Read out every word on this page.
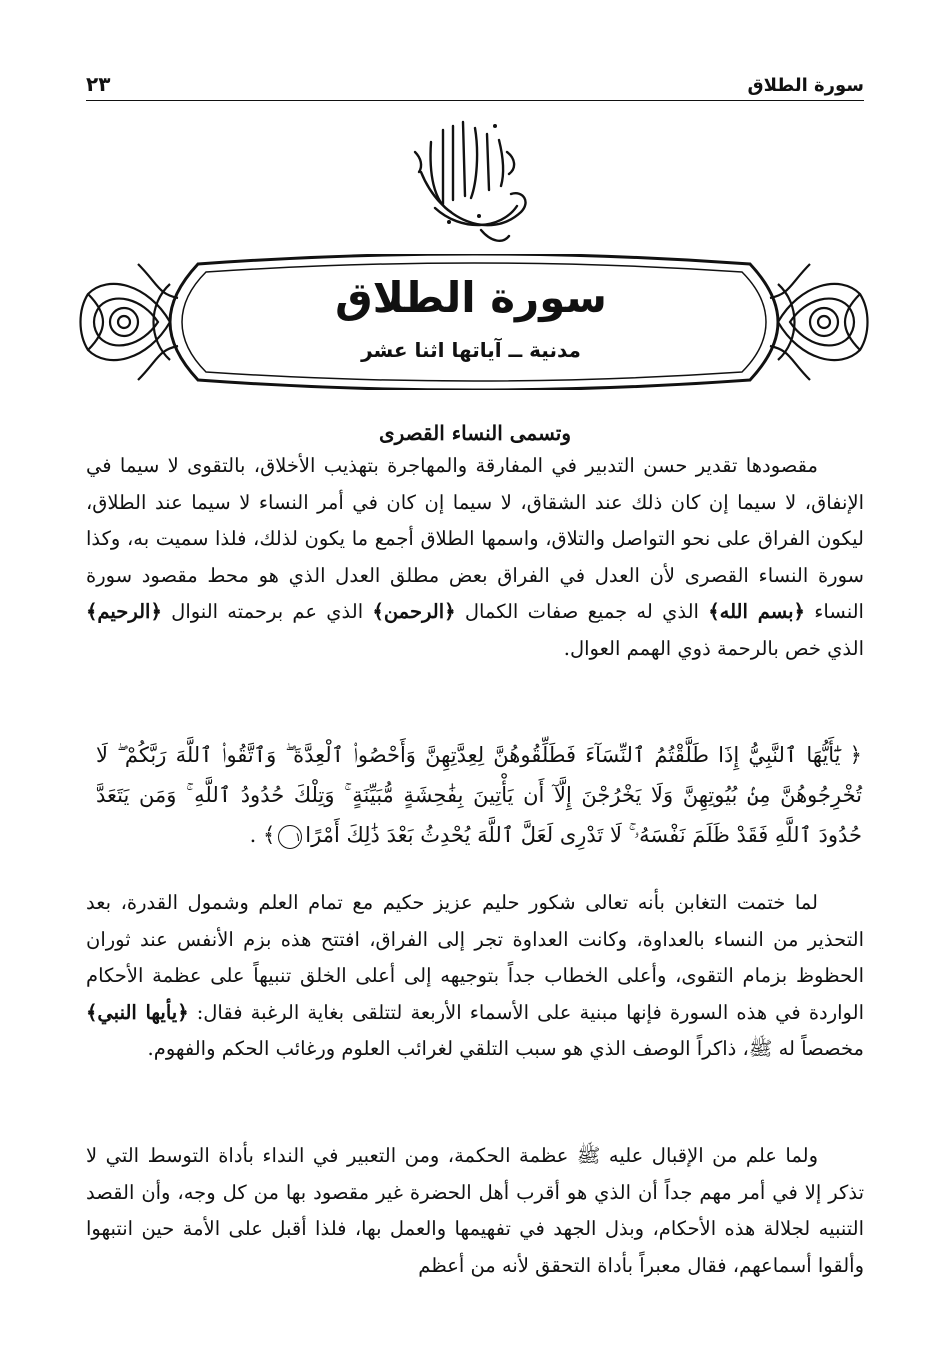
سورة الطلاق
٢٣
سورة الطلاق
مدنية ــ آياتها اثنا عشر
وتسمى النساء القصرى
مقصودها تقدير حسن التدبير في المفارقة والمهاجرة بتهذيب الأخلاق، بالتقوى لا سيما في الإنفاق، لا سيما إن كان ذلك عند الشقاق، لا سيما إن كان في أمر النساء لا سيما عند الطلاق، ليكون الفراق على نحو التواصل والتلاق، واسمها الطلاق أجمع ما يكون لذلك، فلذا سميت به، وكذا سورة النساء القصرى لأن العدل في الفراق بعض مطلق العدل الذي هو محط مقصود سورة النساء ﴿بسم الله﴾ الذي له جميع صفات الكمال ﴿الرحمن﴾ الذي عم برحمته النوال ﴿الرحيم﴾ الذي خص بالرحمة ذوي الهمم العوال.
﴿ يَٰٓأَيُّهَا ٱلنَّبِيُّ إِذَا طَلَّقْتُمُ ٱلنِّسَآءَ فَطَلِّقُوهُنَّ لِعِدَّتِهِنَّ وَأَحْصُوا۟ ٱلْعِدَّةَ ۖ وَٱتَّقُوا۟ ٱللَّهَ رَبَّكُمْ ۖ لَا تُخْرِجُوهُنَّ مِنۢ بُيُوتِهِنَّ وَلَا يَخْرُجْنَ إِلَّآ أَن يَأْتِينَ بِفَٰحِشَةٍ مُّبَيِّنَةٍ ۚ وَتِلْكَ حُدُودُ ٱللَّهِ ۚ وَمَن يَتَعَدَّ حُدُودَ ٱللَّهِ فَقَدْ ظَلَمَ نَفْسَهُۥ ۚ لَا تَدْرِى لَعَلَّ ٱللَّهَ يُحْدِثُ بَعْدَ ذَٰلِكَ أَمْرًا١﴾ .
لما ختمت التغابن بأنه تعالى شكور حليم عزيز حكيم مع تمام العلم وشمول القدرة، بعد التحذير من النساء بالعداوة، وكانت العداوة تجر إلى الفراق، افتتح هذه بزم الأنفس عند ثوران الحظوظ بزمام التقوى، وأعلى الخطاب جداً بتوجيهه إلى أعلى الخلق تنبيهاً على عظمة الأحكام الواردة في هذه السورة فإنها مبنية على الأسماء الأربعة لتتلقى بغاية الرغبة فقال: ﴿يأيها النبي﴾ مخصصاً له ﷺ، ذاكراً الوصف الذي هو سبب التلقي لغرائب العلوم ورغائب الحكم والفهوم.
ولما علم من الإقبال عليه ﷺ عظمة الحكمة، ومن التعبير في النداء بأداة التوسط التي لا تذكر إلا في أمر مهم جداً أن الذي هو أقرب أهل الحضرة غير مقصود بها من كل وجه، وأن القصد التنبيه لجلالة هذه الأحكام، وبذل الجهد في تفهيمها والعمل بها، فلذا أقبل على الأمة حين انتبهوا وألقوا أسماعهم، فقال معبراً بأداة التحقق لأنه من أعظم
